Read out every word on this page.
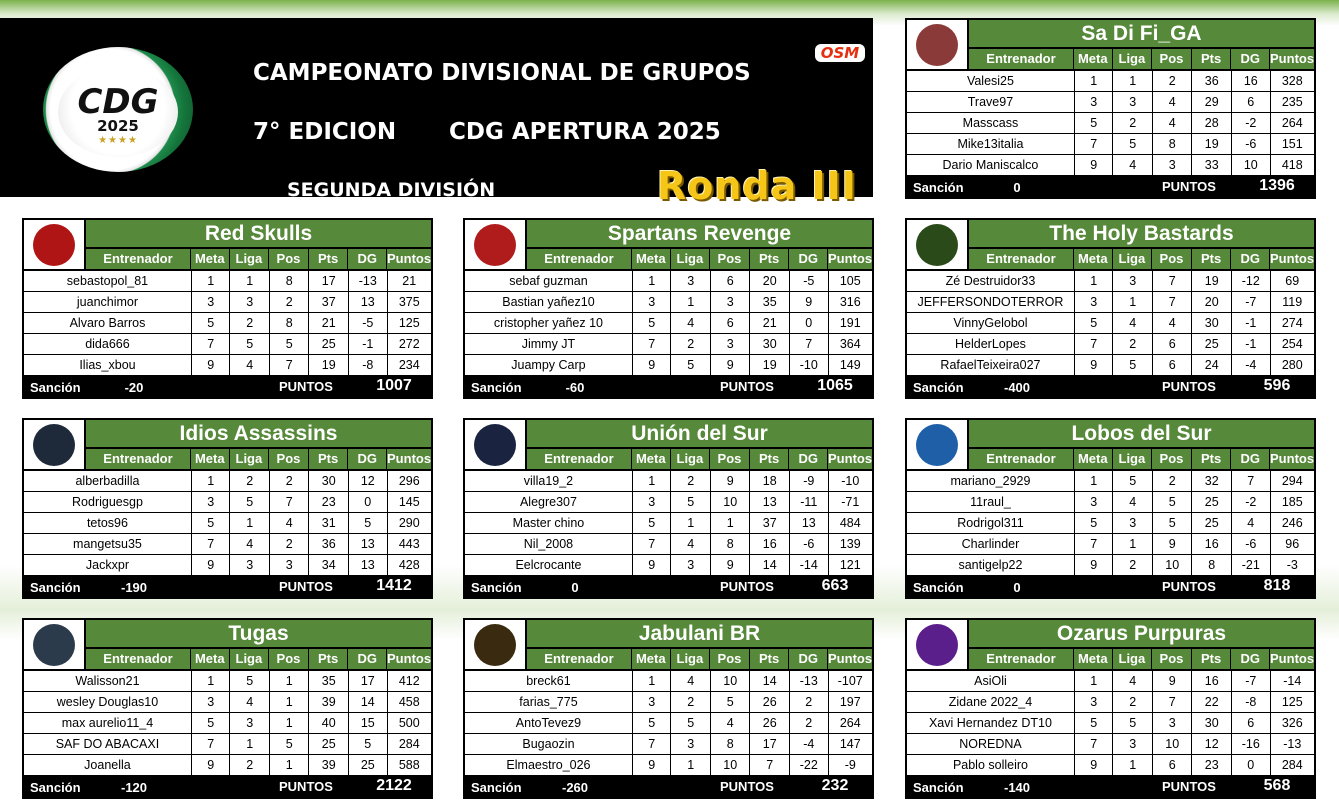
CDG
2025
★★★★
CAMPEONATO DIVISIONAL DE GRUPOS
7° EDICION CDG APERTURA 2025
SEGUNDA DIVISIÓN	Ronda III
OSM
Sa Di Fi_GA
Entrenador	Meta Liga	Pos	Pts	DG Puntos
Valesi25	1	1	2	36	16	328
Trave97	3	3	4	29	6	235
Masscass	5	2	4	28	-2	264
Mike13italia	7	5	8	19	-6	151
Dario Maniscalco	9	4	3	33	10	418
Sanción	0	PUNTOS	1396
Red Skulls
Entrenador	Meta Liga	Pos	Pts	DG Puntos
sebastopol_81	1	1	8	17	-13	21
juanchimor	3	3	2	37	13	375
Alvaro Barros	5	2	8	21	-5	125
dida666	7	5	5	25	-1	272
Ilias_xbou	9	4	7	19	-8	234
Sanción	-20	PUNTOS	1007
Spartans Revenge
Entrenador	Meta Liga	Pos	Pts	DG Puntos
sebaf guzman	1	3	6	20	-5	105
Bastian yañez10	3	1	3	35	9	316
cristopher yañez 10	5	4	6	21	0	191
Jimmy JT	7	2	3	30	7	364
Juampy Carp	9	5	9	19	-10	149
Sanción	-60	PUNTOS	1065
The Holy Bastards
Entrenador	Meta Liga	Pos	Pts	DG Puntos
Zé Destruidor33	1	3	7	19	-12	69
JEFFERSONDOTERROR	3	1	7	20	-7	119
VinnyGelobol	5	4	4	30	-1	274
HelderLopes	7	2	6	25	-1	254
RafaelTeixeira027	9	5	6	24	-4	280
Sanción	-400	PUNTOS	596
Idios Assassins
Entrenador	Meta Liga	Pos	Pts	DG Puntos
alberbadilla	1	2	2	30	12	296
Rodriguesgp	3	5	7	23	0	145
tetos96	5	1	4	31	5	290
mangetsu35	7	4	2	36	13	443
Jackxpr	9	3	3	34	13	428
Sanción	-190	PUNTOS	1412
Unión del Sur
Entrenador	Meta Liga	Pos	Pts	DG Puntos
villa19_2	1	2	9	18	-9	-10
Alegre307	3	5	10	13	-11	-71
Master chino	5	1	1	37	13	484
Nil_2008	7	4	8	16	-6	139
Eelcrocante	9	3	9	14	-14	121
Sanción	0	PUNTOS	663
Lobos del Sur
Entrenador	Meta Liga	Pos	Pts	DG Puntos
mariano_2929	1	5	2	32	7	294
11raul_	3	4	5	25	-2	185
Rodrigol311	5	3	5	25	4	246
Charlinder	7	1	9	16	-6	96
santigelp22	9	2	10	8	-21	-3
Sanción	0	PUNTOS	818
Tugas
Entrenador	Meta Liga	Pos	Pts	DG Puntos
Walisson21	1	5	1	35	17	412
wesley Douglas10	3	4	1	39	14	458
max aurelio11_4	5	3	1	40	15	500
SAF DO ABACAXI	7	1	5	25	5	284
Joanella	9	2	1	39	25	588
Sanción	-120	PUNTOS	2122
Jabulani BR
Entrenador	Meta Liga	Pos	Pts	DG Puntos
breck61	1	4	10	14	-13	-107
farias_775	3	2	5	26	2	197
AntoTevez9	5	5	4	26	2	264
Bugaozin	7	3	8	17	-4	147
Elmaestro_026	9	1	10	7	-22	-9
Sanción	-260	PUNTOS	232
Ozarus Purpuras
Entrenador	Meta Liga	Pos	Pts	DG Puntos
AsiOli	1	4	9	16	-7	-14
Zidane 2022_4	3	2	7	22	-8	125
Xavi Hernandez DT10	5	5	3	30	6	326
NOREDNA	7	3	10	12	-16	-13
Pablo solleiro	9	1	6	23	0	284
Sanción	-140	PUNTOS	568
